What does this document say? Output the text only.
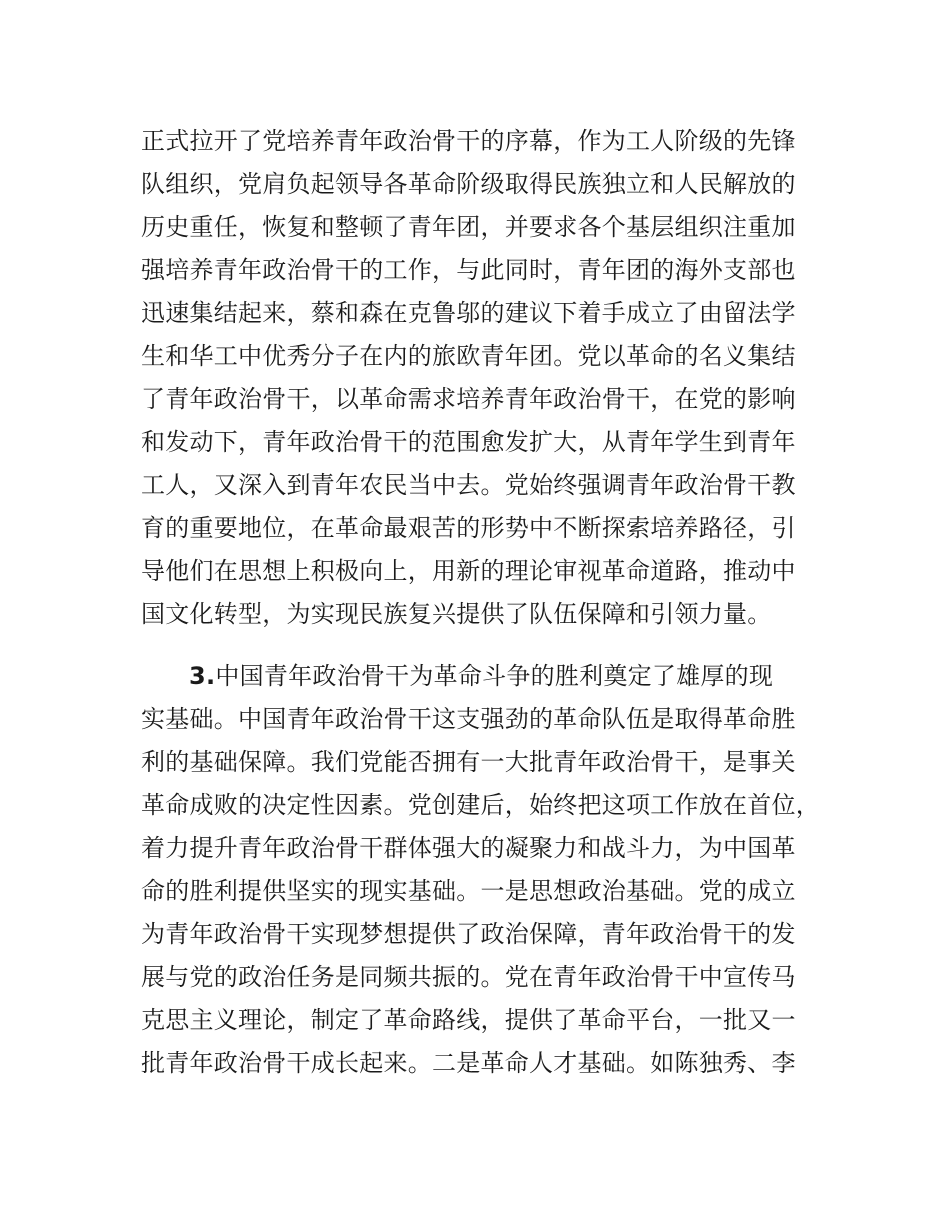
正式拉开了党培养青年政治骨干的序幕，作为工人阶级的先锋
队组织，党肩负起领导各革命阶级取得民族独立和人民解放的
历史重任，恢复和整顿了青年团，并要求各个基层组织注重加
强培养青年政治骨干的工作，与此同时，青年团的海外支部也
迅速集结起来，蔡和森在克鲁邬的建议下着手成立了由留法学
生和华工中优秀分子在内的旅欧青年团。党以革命的名义集结
了青年政治骨干，以革命需求培养青年政治骨干，在党的影响
和发动下，青年政治骨干的范围愈发扩大，从青年学生到青年
工人，又深入到青年农民当中去。党始终强调青年政治骨干教
育的重要地位，在革命最艰苦的形势中不断探索培养路径，引
导他们在思想上积极向上，用新的理论审视革命道路，推动中
国文化转型，为实现民族复兴提供了队伍保障和引领力量。
3.中国青年政治骨干为革命斗争的胜利奠定了雄厚的现
实基础。中国青年政治骨干这支强劲的革命队伍是取得革命胜
利的基础保障。我们党能否拥有一大批青年政治骨干，是事关
革命成败的决定性因素。党创建后，始终把这项工作放在首位，
着力提升青年政治骨干群体强大的凝聚力和战斗力，为中国革
命的胜利提供坚实的现实基础。一是思想政治基础。党的成立
为青年政治骨干实现梦想提供了政治保障，青年政治骨干的发
展与党的政治任务是同频共振的。党在青年政治骨干中宣传马
克思主义理论，制定了革命路线，提供了革命平台，一批又一
批青年政治骨干成长起来。二是革命人才基础。如陈独秀、李
